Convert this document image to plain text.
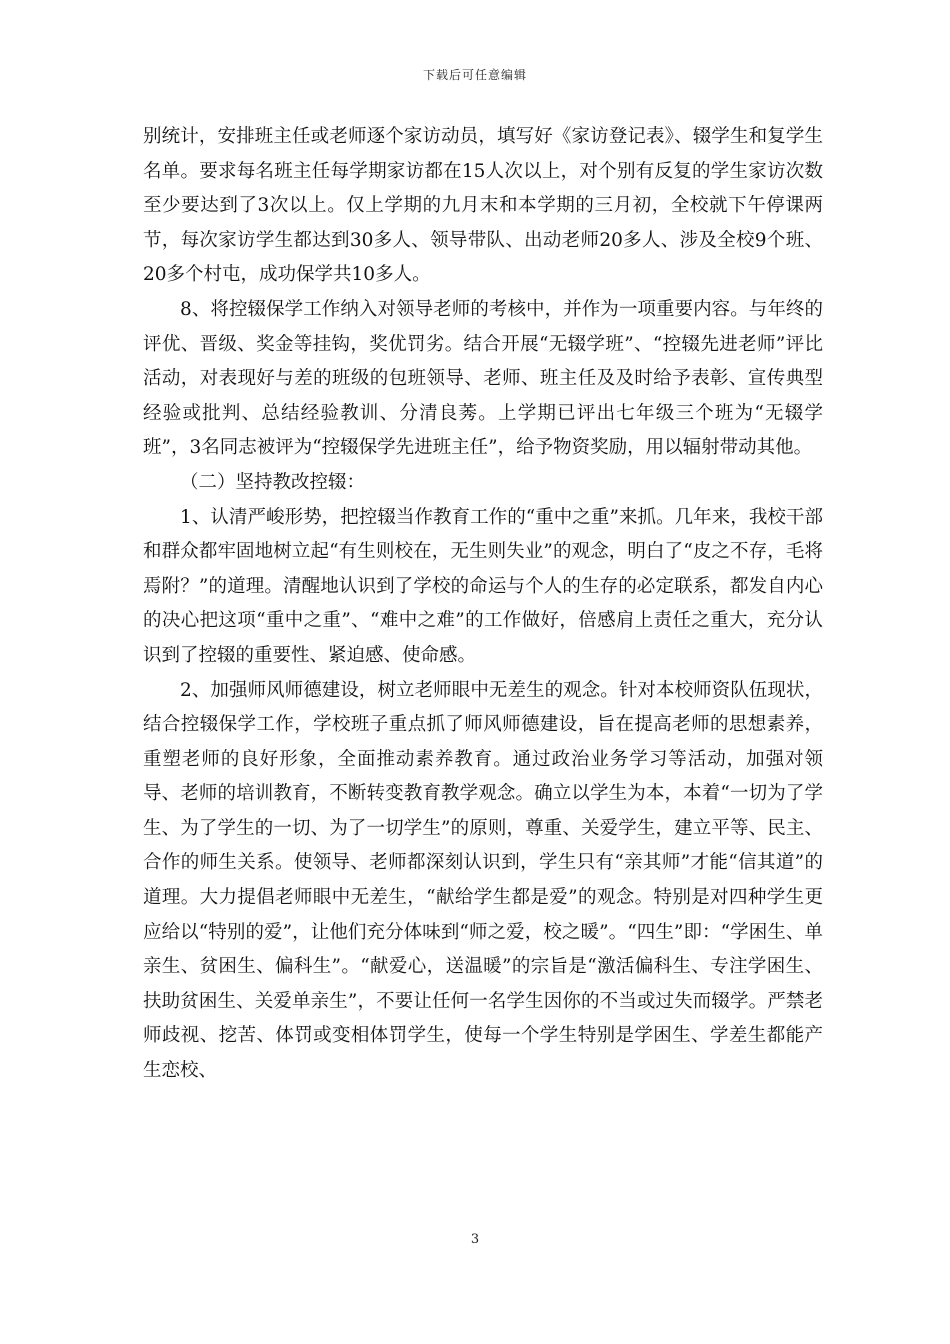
下载后可任意编辑

别统计，安排班主任或老师逐个家访动员，填写好《家访登记表》、辍学生和复学生名单。要求每名班主任每学期家访都在15人次以上，对个别有反复的学生家访次数至少要达到了3次以上。仅上学期的九月末和本学期的三月初，全校就下午停课两节，每次家访学生都达到30多人、领导带队、出动老师20多人、涉及全校9个班、20多个村屯，成功保学共10多人。

8、将控辍保学工作纳入对领导老师的考核中，并作为一项重要内容。与年终的评优、晋级、奖金等挂钩，奖优罚劣。结合开展“无辍学班”、“控辍先进老师”评比活动，对表现好与差的班级的包班领导、老师、班主任及及时给予表彰、宣传典型经验或批判、总结经验教训、分清良莠。上学期已评出七年级三个班为“无辍学班”，3名同志被评为“控辍保学先进班主任”，给予物资奖励，用以辐射带动其他。

（二）坚持教改控辍：

1、认清严峻形势，把控辍当作教育工作的“重中之重”来抓。几年来，我校干部和群众都牢固地树立起“有生则校在，无生则失业”的观念，明白了“皮之不存，毛将焉附？”的道理。清醒地认识到了学校的命运与个人的生存的必定联系，都发自内心的决心把这项“重中之重”、“难中之难”的工作做好，倍感肩上责任之重大，充分认识到了控辍的重要性、紧迫感、使命感。

2、加强师风师德建设，树立老师眼中无差生的观念。针对本校师资队伍现状，结合控辍保学工作，学校班子重点抓了师风师德建设，旨在提高老师的思想素养，重塑老师的良好形象，全面推动素养教育。通过政治业务学习等活动，加强对领导、老师的培训教育，不断转变教育教学观念。确立以学生为本，本着“一切为了学生、为了学生的一切、为了一切学生”的原则，尊重、关爱学生，建立平等、民主、合作的师生关系。使领导、老师都深刻认识到，学生只有“亲其师”才能“信其道”的道理。大力提倡老师眼中无差生，“献给学生都是爱”的观念。特别是对四种学生更应给以“特别的爱”，让他们充分体味到“师之爱，校之暖”。“四生”即：“学困生、单亲生、贫困生、偏科生”。“献爱心，送温暖”的宗旨是“激活偏科生、专注学困生、扶助贫困生、关爱单亲生”，不要让任何一名学生因你的不当或过失而辍学。严禁老师歧视、挖苦、体罚或变相体罚学生，使每一个学生特别是学困生、学差生都能产生恋校、

3
